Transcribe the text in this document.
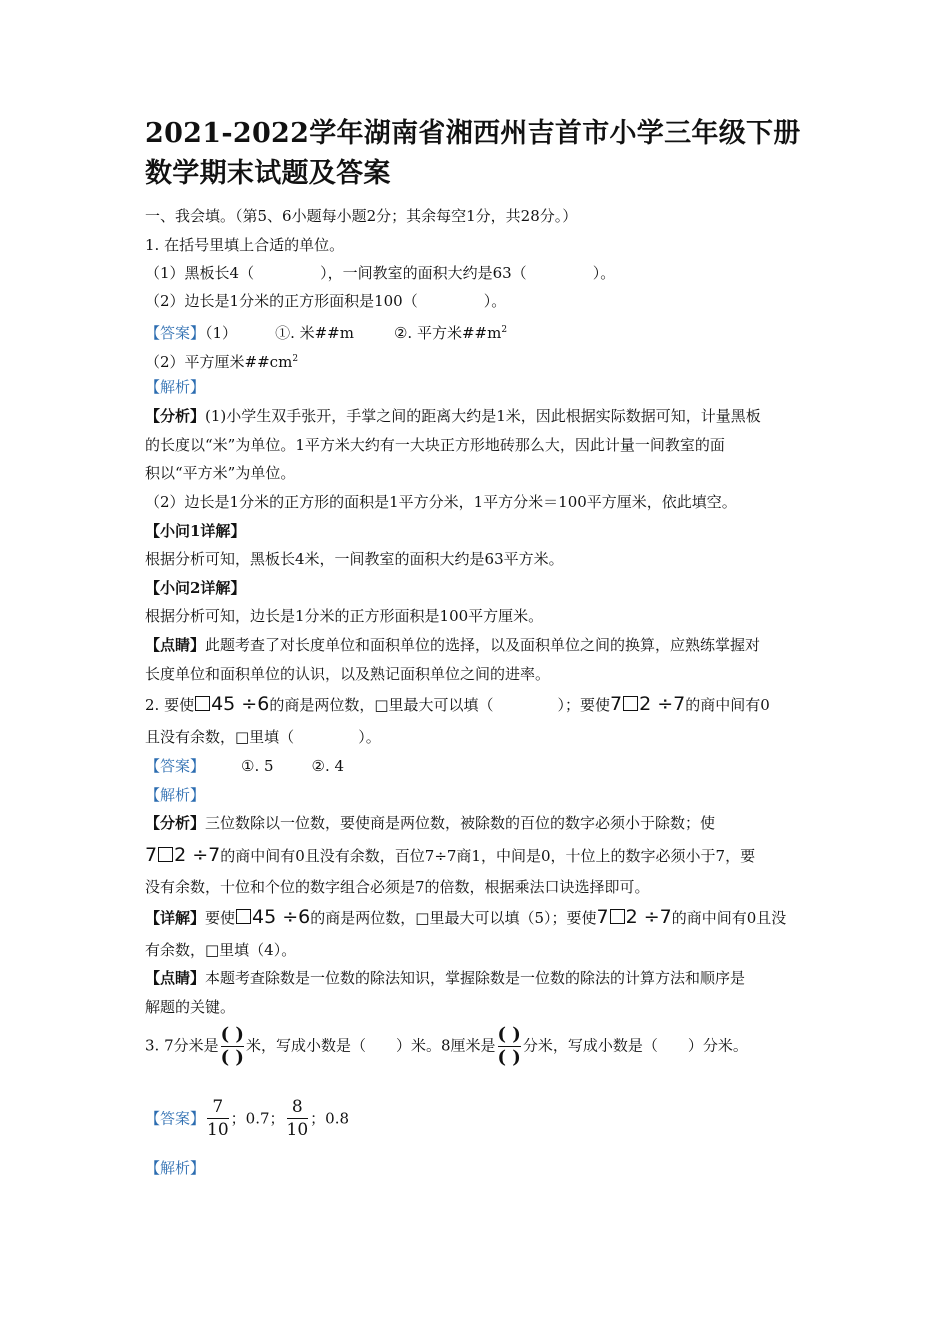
2021-2022学年湖南省湘西州吉首市小学三年级下册数学期末试题及答案
一、我会填。（第5、6小题每小题2分；其余每空1分，共28分。）
1. 在括号里填上合适的单位。
（1）黑板长4（	），一间教室的面积大约是63（	）。
（2）边长是1分米的正方形面积是100（	）。
【答案】（1）	①. 米##m	②. 平方米$\#\#m^2$
（2）平方厘米$\#\#cm^2$
【解析】
【分析】(1)小学生双手张开，手掌之间的距离大约是1米，因此根据实际数据可知，计量黑板
的长度以“米”为单位。1平方米大约有一大块正方形地砖那么大，因此计量一间教室的面
积以“平方米”为单位。
（2）边长是1分米的正方形的面积是1平方分米，1平方分米＝100平方厘米，依此填空。
【小问1详解】
根据分析可知，黑板长4米，一间教室的面积大约是63平方米。
【小问2详解】
根据分析可知，边长是1分米的正方形面积是100平方厘米。
【点睛】此题考查了对长度单位和面积单位的选择，以及面积单位之间的换算，应熟练掌握对
长度单位和面积单位的认识，以及熟记面积单位之间的进率。
2. 要使 45 ÷6的商是两位数，□里最大可以填（	）；要使7 2 ÷7的商中间有0
且没有余数，□里填（	）。
【答案】 ①. 5	②. 4
【解析】
【分析】三位数除以一位数，要使商是两位数，被除数的百位的数字必须小于除数；使
7 2 ÷7的商中间有0且没有余数，百位7÷7商1，中间是0，十位上的数字必须小于7，要
没有余数，十位和个位的数字组合必须是7的倍数，根据乘法口诀选择即可。
【详解】要使 45 ÷6的商是两位数，□里最大可以填（5）；要使7 2 ÷7的商中间有0且没
有余数，□里填（4）。
【点睛】本题考查除数是一位数的除法知识，掌握除数是一位数的除法的计算方法和顺序是
解题的关键。
3. 7分米是 $\frac{( )}{( )}$ 米，写成小数是（ ）米。8厘米是 $\frac{( )}{( )}$ 分米，写成小数是（ ）分米。
【答案】 $\frac{7}{10}$ ；0.7； $\frac{8}{10}$ ；0.8
【解析】
